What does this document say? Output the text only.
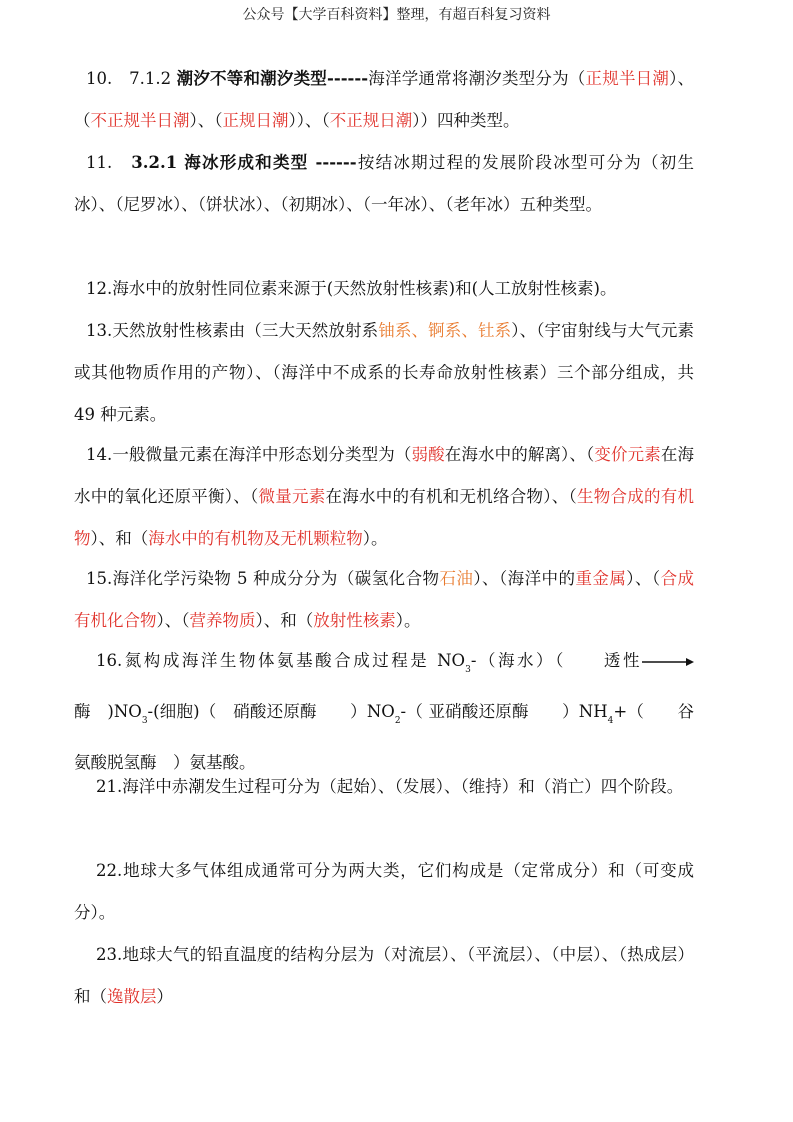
公众号【大学百科资料】整理，有超百科复习资料
10.　7.1.2 潮汐不等和潮汐类型------海洋学通常将潮汐类型分为（正规半日潮）、（不正规半日潮）、（正规日潮））、（不正规日潮））四种类型。
11.　3.2.1 海冰形成和类型 ------按结冰期过程的发展阶段冰型可分为（初生冰）、（尼罗冰）、（饼状冰）、（初期冰）、（一年冰）、（老年冰）五种类型。
12.海水中的放射性同位素来源于(天然放射性核素)和(人工放射性核素)。
13.天然放射性核素由（三大天然放射系铀系、锕系、钍系）、（宇宙射线与大气元素或其他物质作用的产物）、（海洋中不成系的长寿命放射性核素）三个部分组成，共 49 种元素。
14.一般微量元素在海洋中形态划分类型为（弱酸在海水中的解离）、（变价元素在海水中的氧化还原平衡）、（微量元素在海水中的有机和无机络合物）、（生物合成的有机物）、和（海水中的有机物及无机颗粒物）。
15.海洋化学污染物 5 种成分分为（碳氢化合物石油）、（海洋中的重金属）、（合成有机化合物）、（营养物质）、和（放射性核素）。
16.氮构成海洋生物体氨基酸合成过程是 $NO_3-$（海水）（　　透性→酶　)$NO_3-$(细胞)（　硝酸还原酶　　）$NO_2-$（ 亚硝酸还原酶　　）$NH_4+$（　　谷氨酸脱氢酶　）氨基酸。
21.海洋中赤潮发生过程可分为（起始）、（发展）、（维持）和（消亡）四个阶段。
22.地球大多气体组成通常可分为两大类，它们构成是（定常成分）和（可变成分）。
23.地球大气的铅直温度的结构分层为（对流层）、（平流层）、（中层）、（热成层）和（逸散层）
